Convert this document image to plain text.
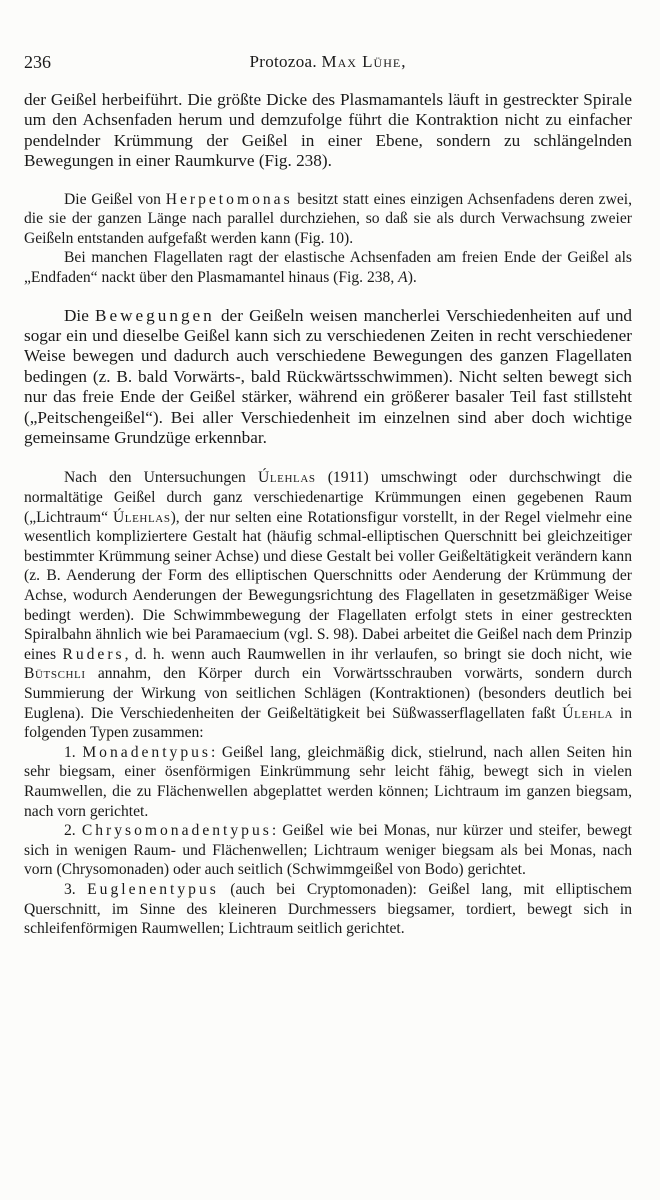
236	Protozoa. Max Lühe,

der Geißel herbeiführt. Die größte Dicke des Plasmamantels läuft in gestreckter Spirale um den Achsenfaden herum und demzufolge führt die Kontraktion nicht zu einfacher pendelnder Krümmung der Geißel in einer Ebene, sondern zu schlängelnden Bewegungen in einer Raumkurve (Fig. 238).

Die Geißel von Herpetomonas besitzt statt eines einzigen Achsenfadens deren zwei, die sie der ganzen Länge nach parallel durchziehen, so daß sie als durch Verwachsung zweier Geißeln entstanden aufgefaßt werden kann (Fig. 10).

Bei manchen Flagellaten ragt der elastische Achsenfaden am freien Ende der Geißel als „Endfaden“ nackt über den Plasmamantel hinaus (Fig. 238, A).

Die Bewegungen der Geißeln weisen mancherlei Verschiedenheiten auf und sogar ein und dieselbe Geißel kann sich zu verschiedenen Zeiten in recht verschiedener Weise bewegen und dadurch auch verschiedene Bewegungen des ganzen Flagellaten bedingen (z. B. bald Vorwärts-, bald Rückwärtsschwimmen). Nicht selten bewegt sich nur das freie Ende der Geißel stärker, während ein größerer basaler Teil fast stillsteht („Peitschengeißel“). Bei aller Verschiedenheit im einzelnen sind aber doch wichtige gemeinsame Grundzüge erkennbar.

Nach den Untersuchungen Úlehlas (1911) umschwingt oder durchschwingt die normaltätige Geißel durch ganz verschiedenartige Krümmungen einen gegebenen Raum („Lichtraum“ Úlehlas), der nur selten eine Rotationsfigur vorstellt, in der Regel vielmehr eine wesentlich kompliziertere Gestalt hat (häufig schmal-elliptischen Querschnitt bei gleichzeitiger bestimmter Krümmung seiner Achse) und diese Gestalt bei voller Geißeltätigkeit verändern kann (z. B. Aenderung der Form des elliptischen Querschnitts oder Aenderung der Krümmung der Achse, wodurch Aenderungen der Bewegungsrichtung des Flagellaten in gesetzmäßiger Weise bedingt werden). Die Schwimmbewegung der Flagellaten erfolgt stets in einer gestreckten Spiralbahn ähnlich wie bei Paramaecium (vgl. S. 98). Dabei arbeitet die Geißel nach dem Prinzip eines Ruders, d. h. wenn auch Raumwellen in ihr verlaufen, so bringt sie doch nicht, wie Bütschli annahm, den Körper durch ein Vorwärtsschrauben vorwärts, sondern durch Summierung der Wirkung von seitlichen Schlägen (Kontraktionen) (besonders deutlich bei Euglena). Die Verschiedenheiten der Geißeltätigkeit bei Süßwasserflagellaten faßt Úlehla in folgenden Typen zusammen:

1. Monadentypus: Geißel lang, gleichmäßig dick, stielrund, nach allen Seiten hin sehr biegsam, einer ösenförmigen Einkrümmung sehr leicht fähig, bewegt sich in vielen Raumwellen, die zu Flächenwellen abgeplattet werden können; Lichtraum im ganzen biegsam, nach vorn gerichtet.

2. Chrysomonadentypus: Geißel wie bei Monas, nur kürzer und steifer, bewegt sich in wenigen Raum- und Flächenwellen; Lichtraum weniger biegsam als bei Monas, nach vorn (Chrysomonaden) oder auch seitlich (Schwimmgeißel von Bodo) gerichtet.

3. Euglenentypus (auch bei Cryptomonaden): Geißel lang, mit elliptischem Querschnitt, im Sinne des kleineren Durchmessers biegsamer, tordiert, bewegt sich in schleifenförmigen Raumwellen; Lichtraum seitlich gerichtet.
